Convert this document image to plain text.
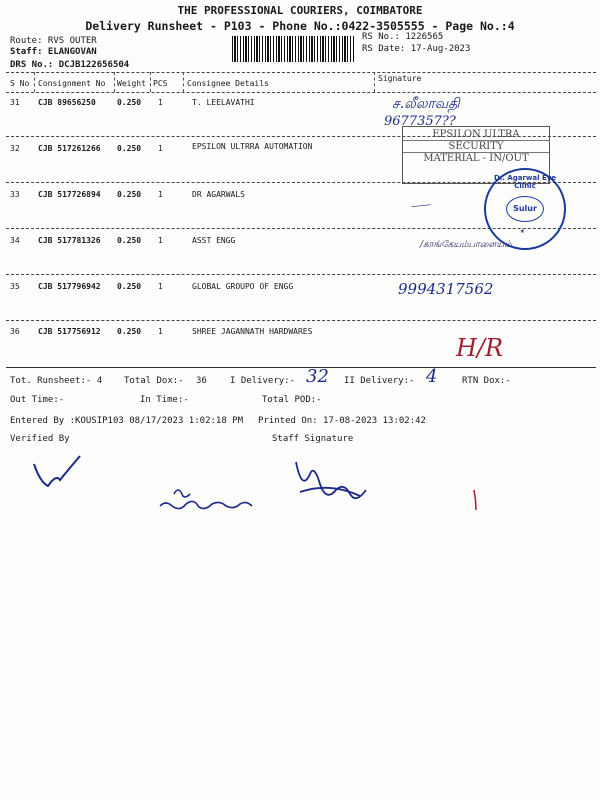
THE PROFESSIONAL COURIERS, COIMBATORE
Delivery Runsheet - P103 - Phone No.:0422-3505555 - Page No.:4
Route: RVS OUTER
Staff: ELANGOVAN
DRS No.: DCJB122656504
RS No.: 1226565
RS Date: 17-Aug-2023
S No Consignment No Weight PCS Consignee Details
Signature
31 CJB 89656250	0.250 1	T. LEELAVATHI
32 CJB 517261266 0.250 1	EPSILON ULTRRA AUTOMATION
33 CJB 517726894 0.250 1	DR AGARWALS
34 CJB 517781326 0.250 1	ASST ENGG
35 CJB 517796942 0.250 1	GLOBAL GROUPO OF ENGG
36 CJB 517756912 0.250 1	SHREE JAGANNATH HARDWARES
ச.லீலாவதி
9677357??
EPSILON ULTRA
SECURITY
MATERIAL - IN/OUT
⸺
Dr. Agarwal Eye Clinic
Sulur
★
/காங்கேயம்பாளையம்
9994317562
H/R
Tot. Runsheet:- 4 Total Dox:- 36	I Delivery:- 32 II Delivery:- 4	RTN Dox:-
Out Time:-	In Time:-	Total POD:-
Entered By :KOUSIP103 08/17/2023 1:02:18 PM Printed On: 17-08-2023 13:02:42
Verified By	Staff Signature
